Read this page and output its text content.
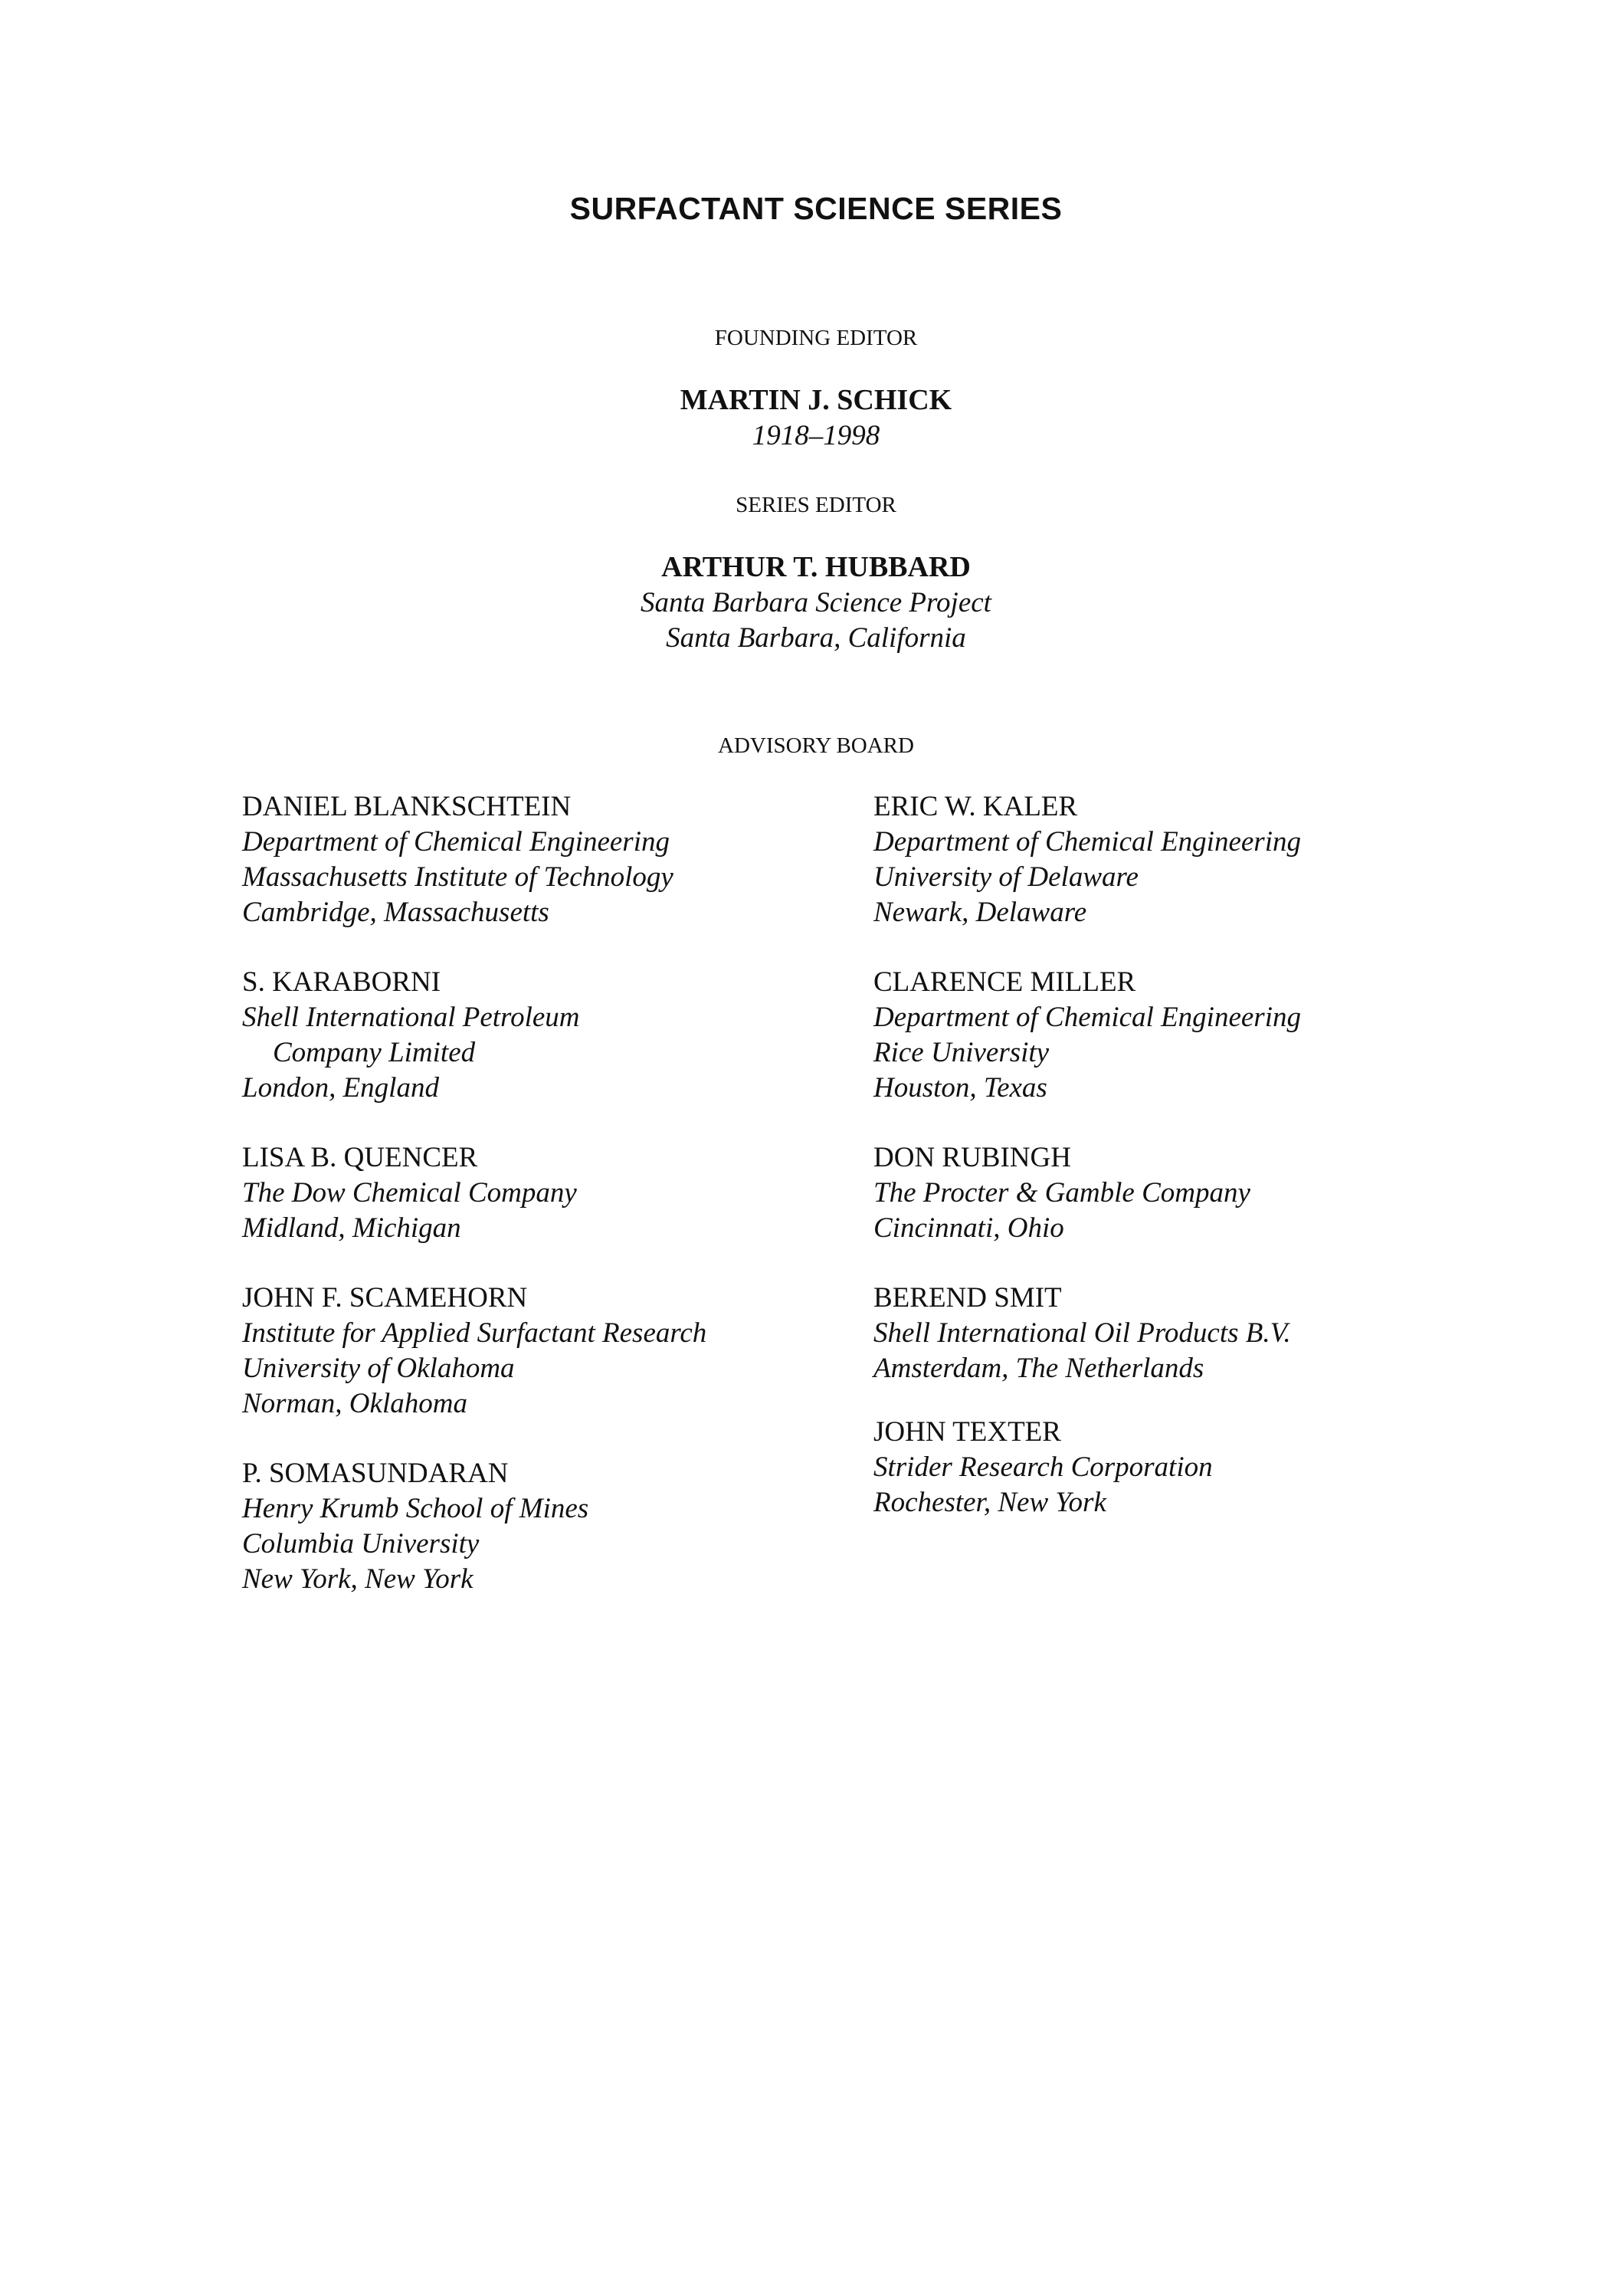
SURFACTANT SCIENCE SERIES
FOUNDING EDITOR
MARTIN J. SCHICK
1918–1998
SERIES EDITOR
ARTHUR T. HUBBARD
Santa Barbara Science Project
Santa Barbara, California
ADVISORY BOARD
DANIEL BLANKSCHTEIN
Department of Chemical Engineering
Massachusetts Institute of Technology
Cambridge, Massachusetts
S. KARABORNI
Shell International Petroleum
Company Limited
London, England
LISA B. QUENCER
The Dow Chemical Company
Midland, Michigan
JOHN F. SCAMEHORN
Institute for Applied Surfactant Research
University of Oklahoma
Norman, Oklahoma
P. SOMASUNDARAN
Henry Krumb School of Mines
Columbia University
New York, New York
ERIC W. KALER
Department of Chemical Engineering
University of Delaware
Newark, Delaware
CLARENCE MILLER
Department of Chemical Engineering
Rice University
Houston, Texas
DON RUBINGH
The Procter & Gamble Company
Cincinnati, Ohio
BEREND SMIT
Shell International Oil Products B.V.
Amsterdam, The Netherlands
JOHN TEXTER
Strider Research Corporation
Rochester, New York
